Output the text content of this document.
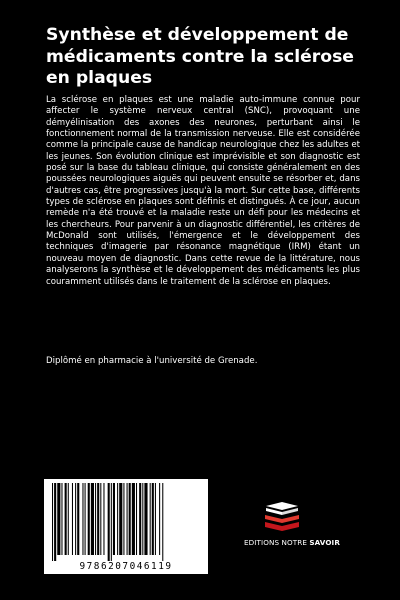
Synthèse et développement de médicaments contre la sclérose en plaques

La sclérose en plaques est une maladie auto-immune connue pour affecter le système nerveux central (SNC), provoquant une démyélinisation des axones des neurones, perturbant ainsi le fonctionnement normal de la transmission nerveuse. Elle est considérée comme la principale cause de handicap neurologique chez les adultes et les jeunes. Son évolution clinique est imprévisible et son diagnostic est posé sur la base du tableau clinique, qui consiste généralement en des poussées neurologiques aiguës qui peuvent ensuite se résorber et, dans d'autres cas, être progressives jusqu'à la mort. Sur cette base, différents types de sclérose en plaques sont définis et distingués. À ce jour, aucun remède n'a été trouvé et la maladie reste un défi pour les médecins et les chercheurs. Pour parvenir à un diagnostic différentiel, les critères de McDonald sont utilisés, l'émergence et le développement des techniques d'imagerie par résonance magnétique (IRM) étant un nouveau moyen de diagnostic. Dans cette revue de la littérature, nous analyserons la synthèse et le développement des médicaments les plus couramment utilisés dans le traitement de la sclérose en plaques.

Diplômé en pharmacie à l'université de Grenade.

9 7 8 6 2 0 7 0 4 6 1 1 9
EDITIONS NOTRE SAVOIR
